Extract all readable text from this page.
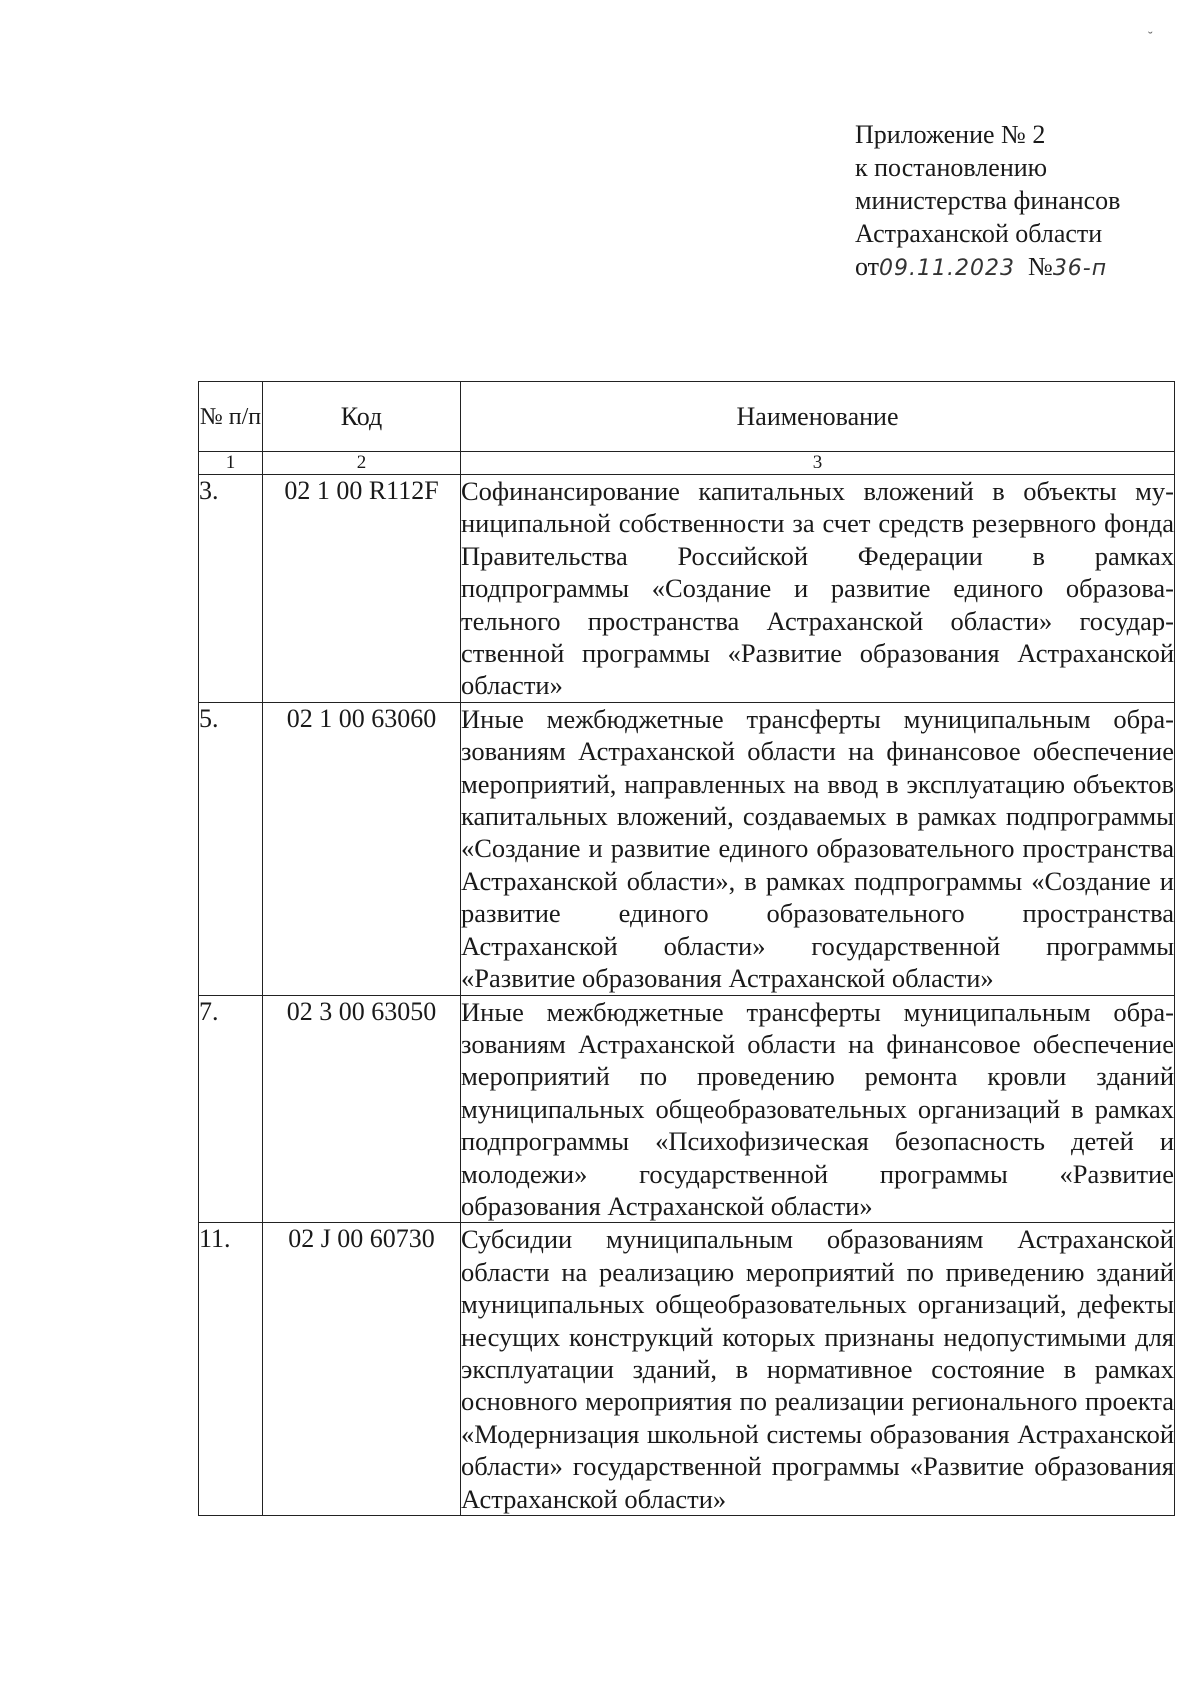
˘
Приложение № 2
к постановлению
министерства финансов
Астраханской области
от09.11.2023 №36-п
№ п/п	Код	Наименование
1	2	3
3.	02 1 00 R112F	Софинансирование капитальных вложений в объекты муниципальной собственности за счет средств резервного фонда Правительства Российской Федерации в рамках подпрограммы «Создание и развитие единого образовательного пространства Астраханской области» государственной программы «Развитие образования Астраханской области»
5.	02 1 00 63060	Иные межбюджетные трансферты муниципальным образованиям Астраханской области на финансовое обеспечение мероприятий, направленных на ввод в эксплуатацию объектов капитальных вложений, создаваемых в рамках подпрограммы «Создание и развитие единого образовательного пространства Астраханской области», в рамках подпрограммы «Создание и развитие единого образовательного пространства Астраханской области» государственной программы «Развитие образования Астраханской области»
7.	02 3 00 63050	Иные межбюджетные трансферты муниципальным образованиям Астраханской области на финансовое обеспечение мероприятий по проведению ремонта кровли зданий муниципальных общеобразовательных организаций в рамках подпрограммы «Психофизическая безопасность детей и молодежи» государственной программы «Развитие образования Астраханской области»
11.	02 J 00 60730	Субсидии муниципальным образованиям Астраханской области на реализацию мероприятий по приведению зданий муниципальных общеобразовательных организаций, дефекты несущих конструкций которых признаны недопустимыми для эксплуатации зданий, в нормативное состояние в рамках основного мероприятия по реализации регионального проекта «Модернизация школьной системы образования Астраханской области» государственной программы «Развитие образования Астраханской области»
